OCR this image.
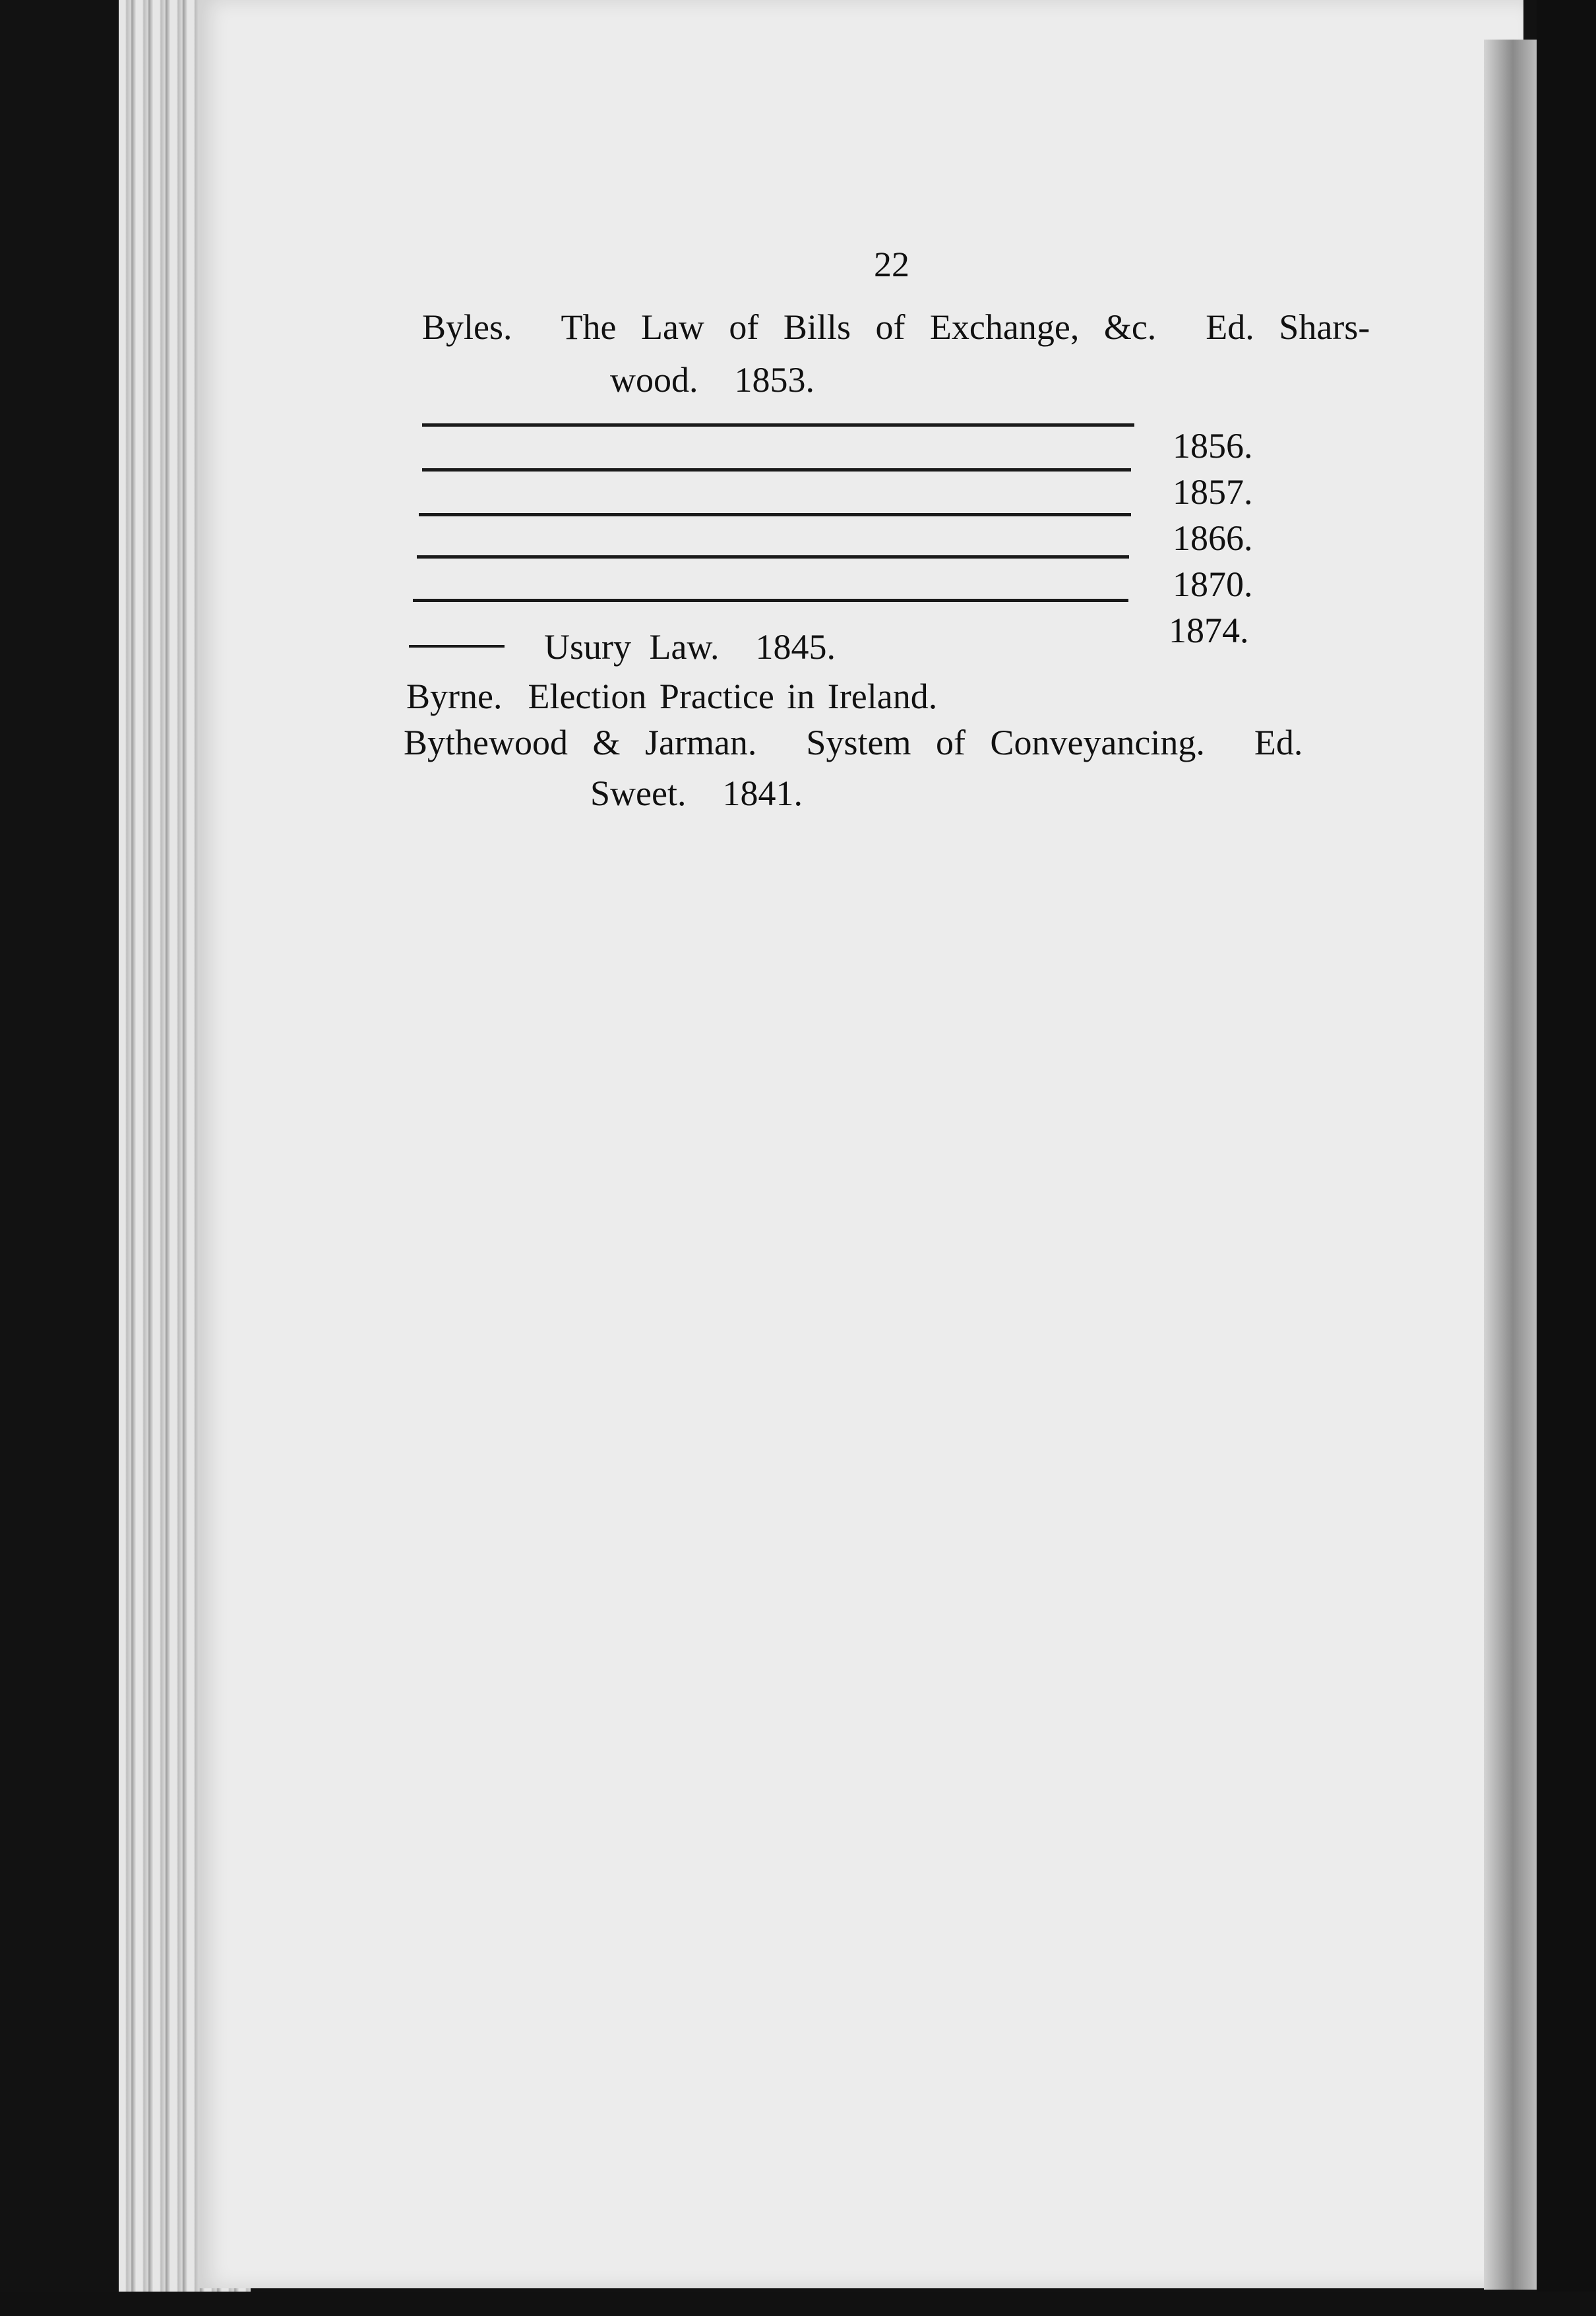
22
Byles.  The Law of Bills of Exchange, &c.  Ed. Shars-
wood.  1853.
1856.
1857.
1866.
1870.
1874.
Usury Law.  1845.
Byrne.  Election Practice in Ireland.
Bythewood & Jarman.  System of Conveyancing.  Ed.
Sweet.  1841.
